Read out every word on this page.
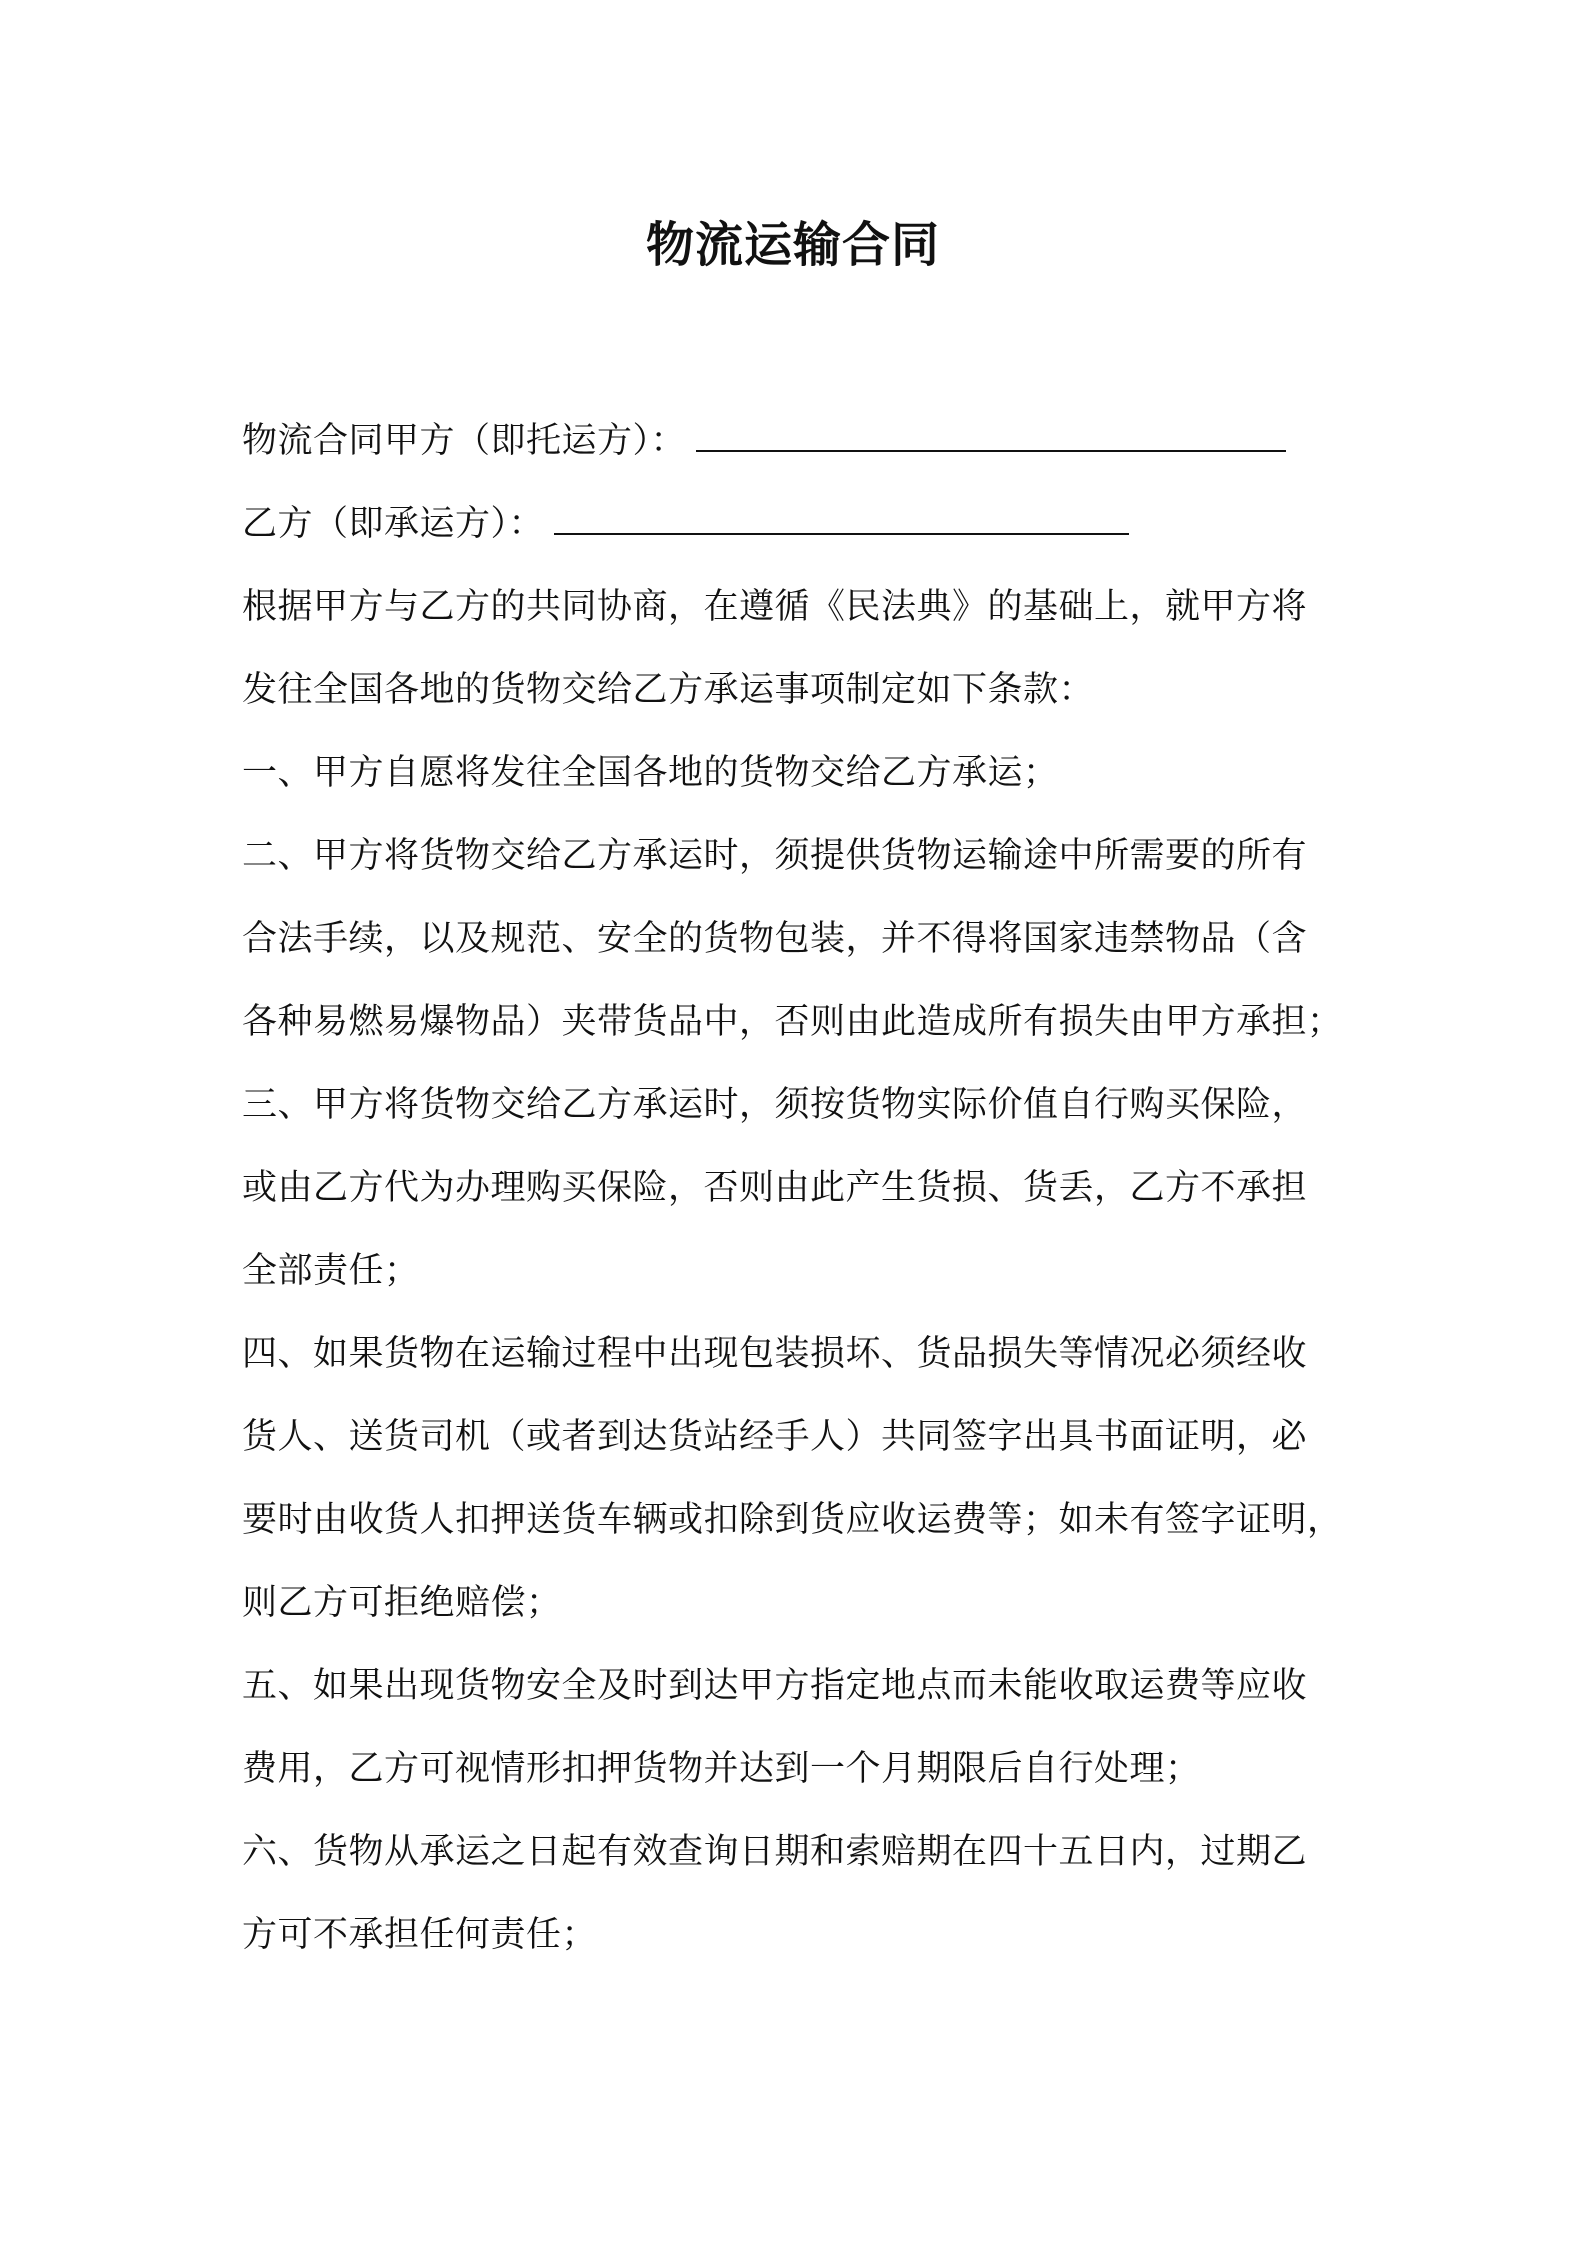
物流运输合同
物流合同甲方（即托运方）：
乙方（即承运方）：
根据甲方与乙方的共同协商，在遵循《民法典》的基础上，就甲方将
发往全国各地的货物交给乙方承运事项制定如下条款：
一、甲方自愿将发往全国各地的货物交给乙方承运；
二、甲方将货物交给乙方承运时，须提供货物运输途中所需要的所有
合法手续，以及规范、安全的货物包装，并不得将国家违禁物品（含
各种易燃易爆物品）夹带货品中，否则由此造成所有损失由甲方承担；
三、甲方将货物交给乙方承运时，须按货物实际价值自行购买保险，
或由乙方代为办理购买保险，否则由此产生货损、货丢，乙方不承担
全部责任；
四、如果货物在运输过程中出现包装损坏、货品损失等情况必须经收
货人、送货司机（或者到达货站经手人）共同签字出具书面证明，必
要时由收货人扣押送货车辆或扣除到货应收运费等；如未有签字证明，
则乙方可拒绝赔偿；
五、如果出现货物安全及时到达甲方指定地点而未能收取运费等应收
费用，乙方可视情形扣押货物并达到一个月期限后自行处理；
六、货物从承运之日起有效查询日期和索赔期在四十五日内，过期乙
方可不承担任何责任；
